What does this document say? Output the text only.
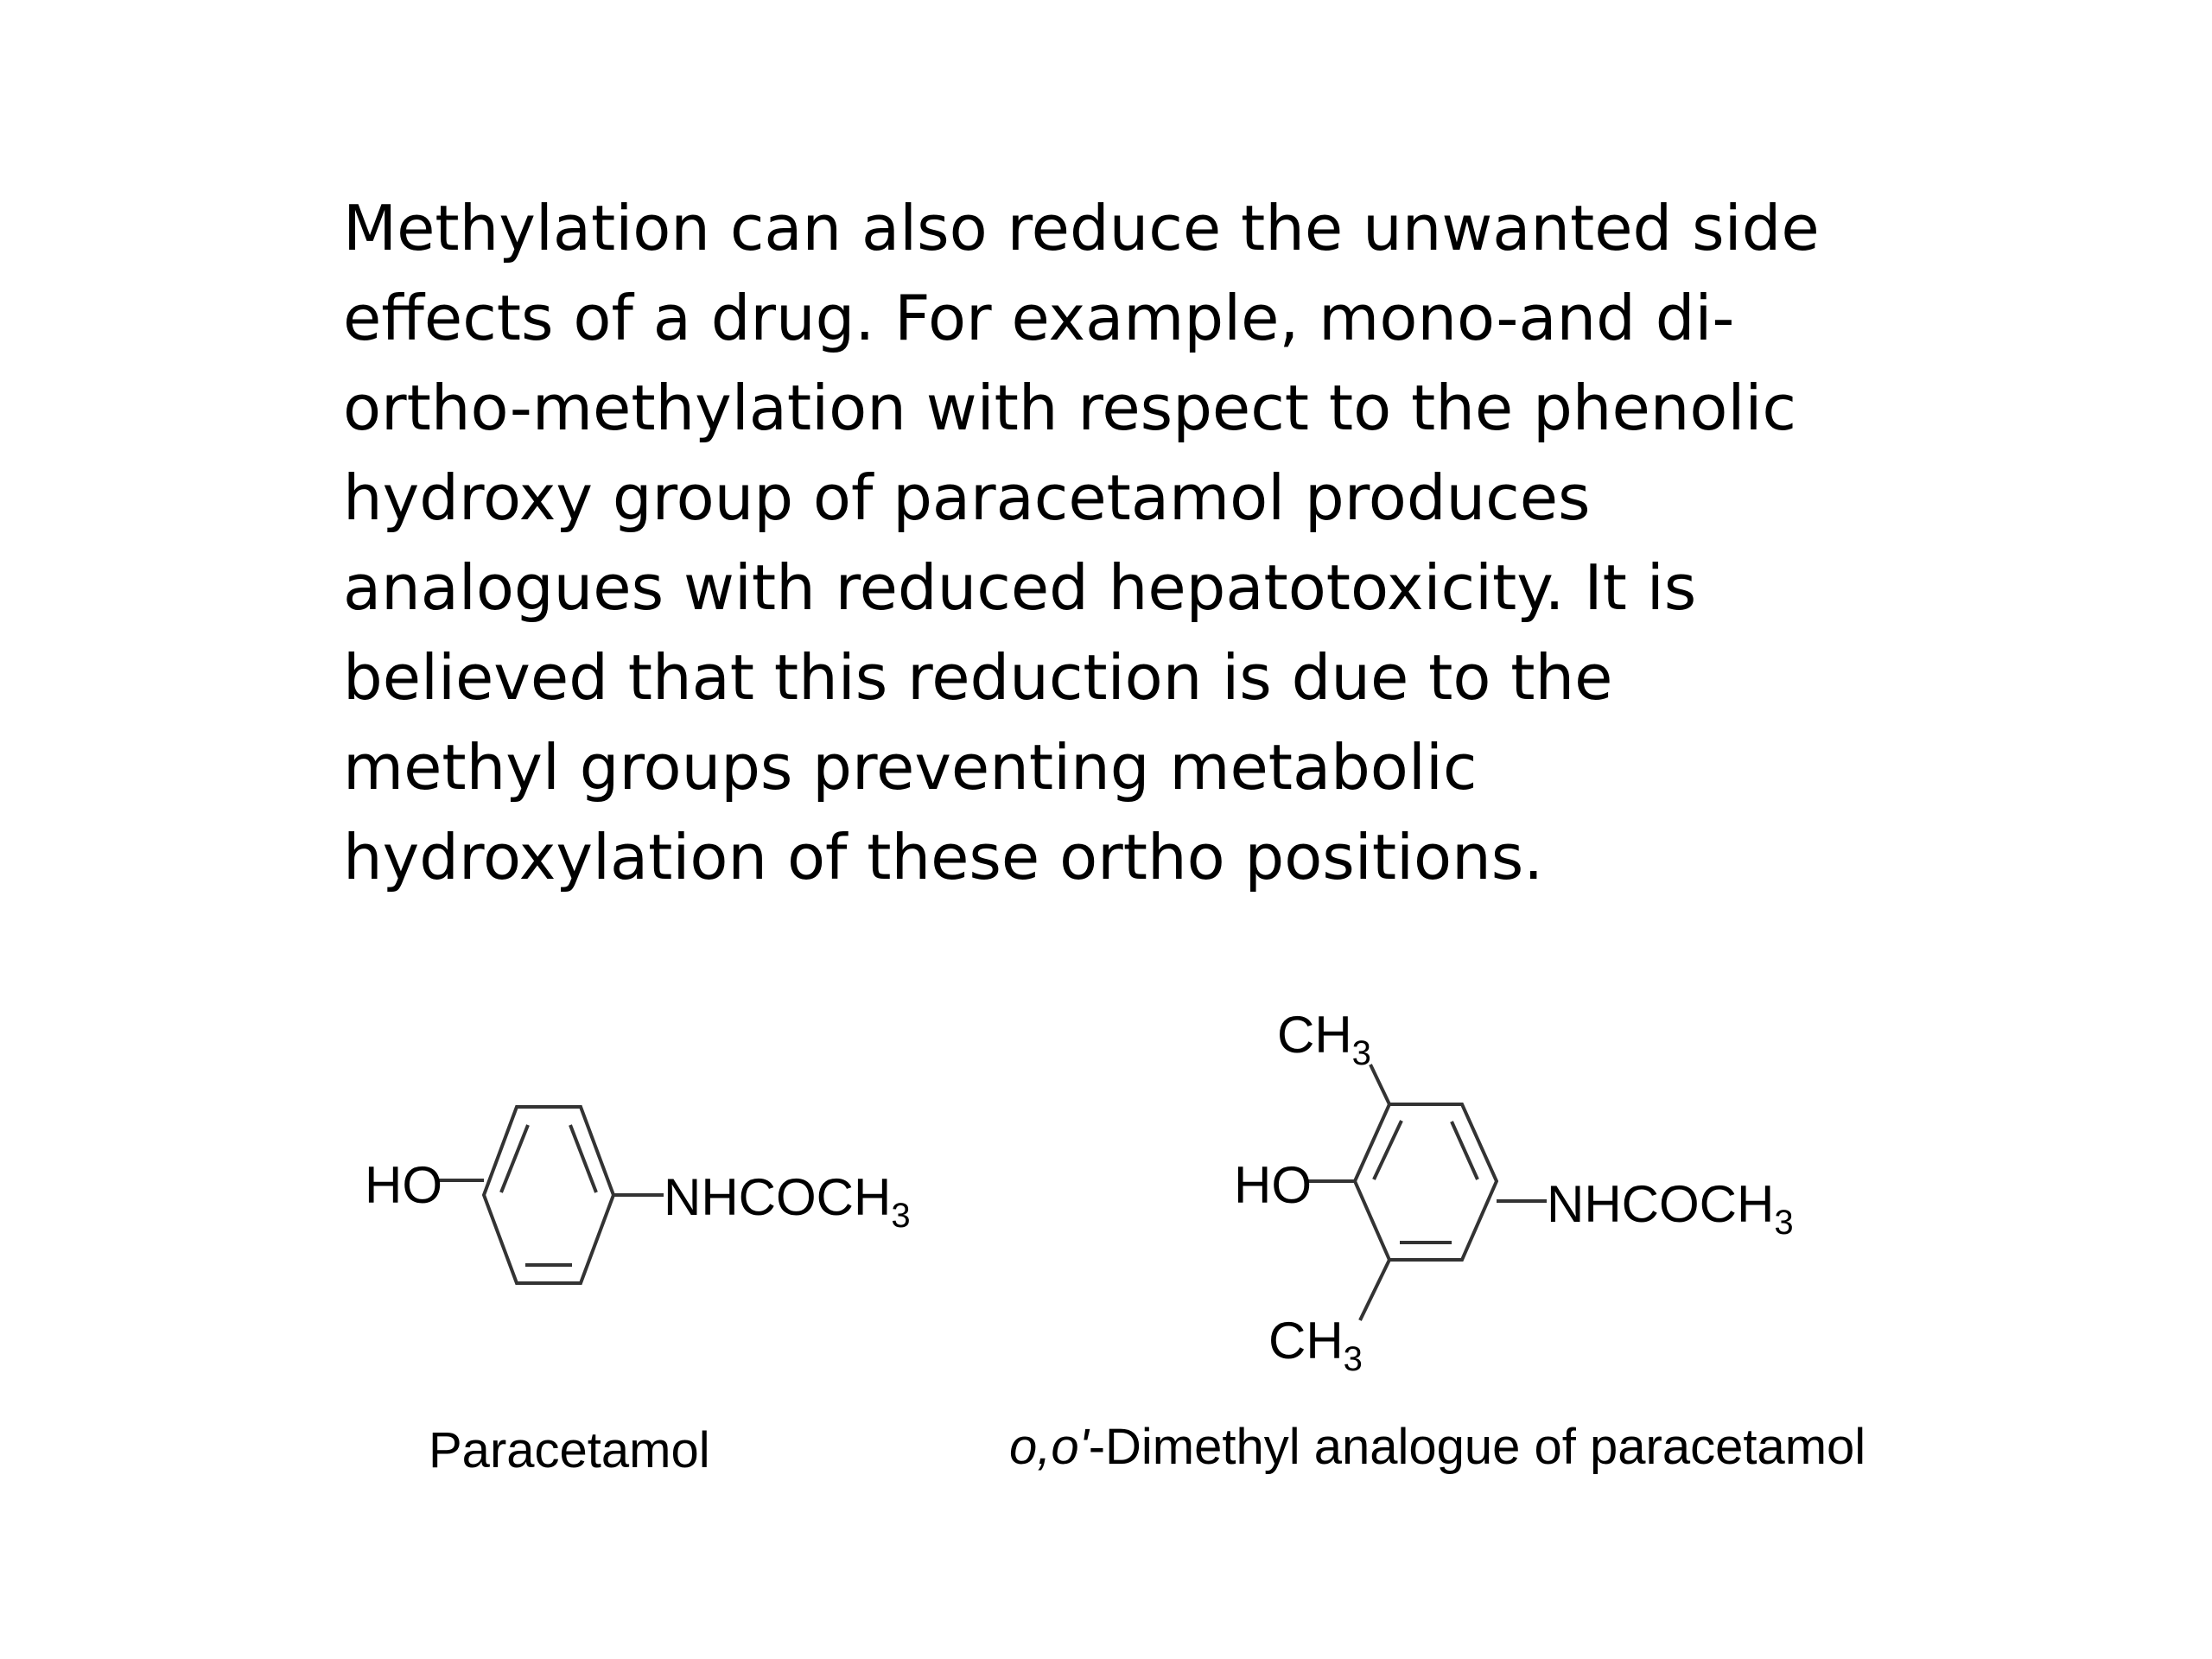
Methylation can also reduce the unwanted side
effects of a drug. For example, mono-and di-
ortho-methylation with respect to the phenolic
hydroxy group of paracetamol produces
analogues with reduced hepatotoxicity. It is
believed that this reduction is due to the
methyl groups preventing metabolic
hydroxylation of these ortho positions.

HO	$NHCOCH_3$
Paracetamol
HO	$NHCOCH_3$
$CH_3$
$CH_3$
o,o'-Dimethyl analogue of paracetamol
